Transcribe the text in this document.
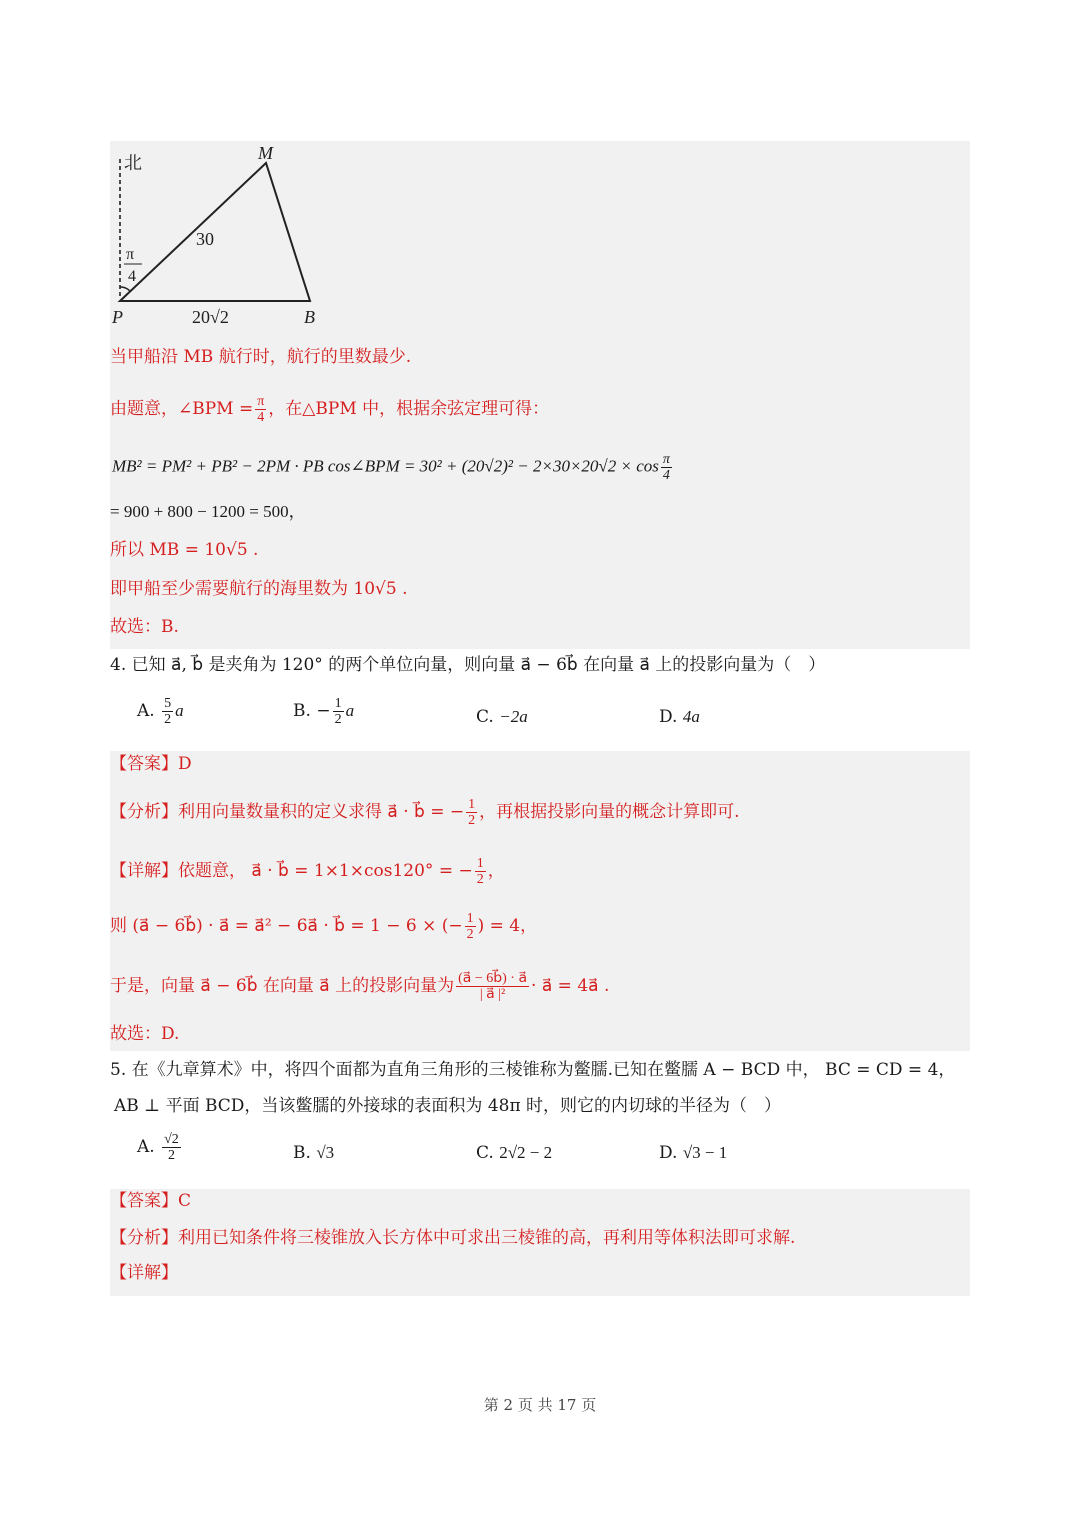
北	M
P	B
30
20√2
π
4
当甲船沿 MB 航行时，航行的里数最少.
由题意，∠BPM = $\frac{\pi}{4}$ ，在△BPM 中，根据余弦定理可得：
MB² = PM² + PB² − 2PM · PB cos∠BPM = $30^2 + (20√2)^2 - 2\times 30\times 20√2 \times \cos \frac{\pi}{4}$
= 900 + 800 − 1200 = 500，
所以 MB = 10√5 .
即甲船至少需要航行的海里数为 10√5 .
故选：B.
4. 已知 a⃗, b⃗ 是夹角为 120° 的两个单位向量，则向量 a⃗ − 6b⃗ 在向量 a⃗ 上的投影向量为（　）
A. $\frac{5}{2}$ a⃗	B. − $\frac{1}{2}$ a⃗	C. −2a⃗	D. 4a⃗
【答案】D
【分析】利用向量数量积的定义求得 a⃗ · b⃗ = − $\frac{1}{2}$ ，再根据投影向量的概念计算即可.
【详解】依题意， a⃗ · b⃗ = 1×1×cos120° = − $\frac{1}{2}$ ，
则 (a⃗ − 6b⃗) · a⃗ = a⃗² − 6a⃗ · b⃗ = 1 − 6 × (− $\frac{1}{2}$ ) = 4，
于是，向量 a⃗ − 6b⃗ 在向量 a⃗ 上的投影向量为 $\frac{(a⃗ - 6b⃗) \cdot a⃗}{\text{| a⃗ |²}}$ · a⃗ = 4a⃗ .
故选：D.
5. 在《九章算术》中，将四个面都为直角三角形的三棱锥称为鳖臑.已知在鳖臑 A − BCD 中， BC = CD = 4，
AB ⊥ 平面 BCD，当该鳖臑的外接球的表面积为 48π 时，则它的内切球的半径为（　）
A. $\frac{√2}{2}$	B. √3	C. 2√2 − 2	D. √3 − 1
【答案】C
【分析】利用已知条件将三棱锥放入长方体中可求出三棱锥的高，再利用等体积法即可求解.
【详解】
第 2 页 共 17 页
